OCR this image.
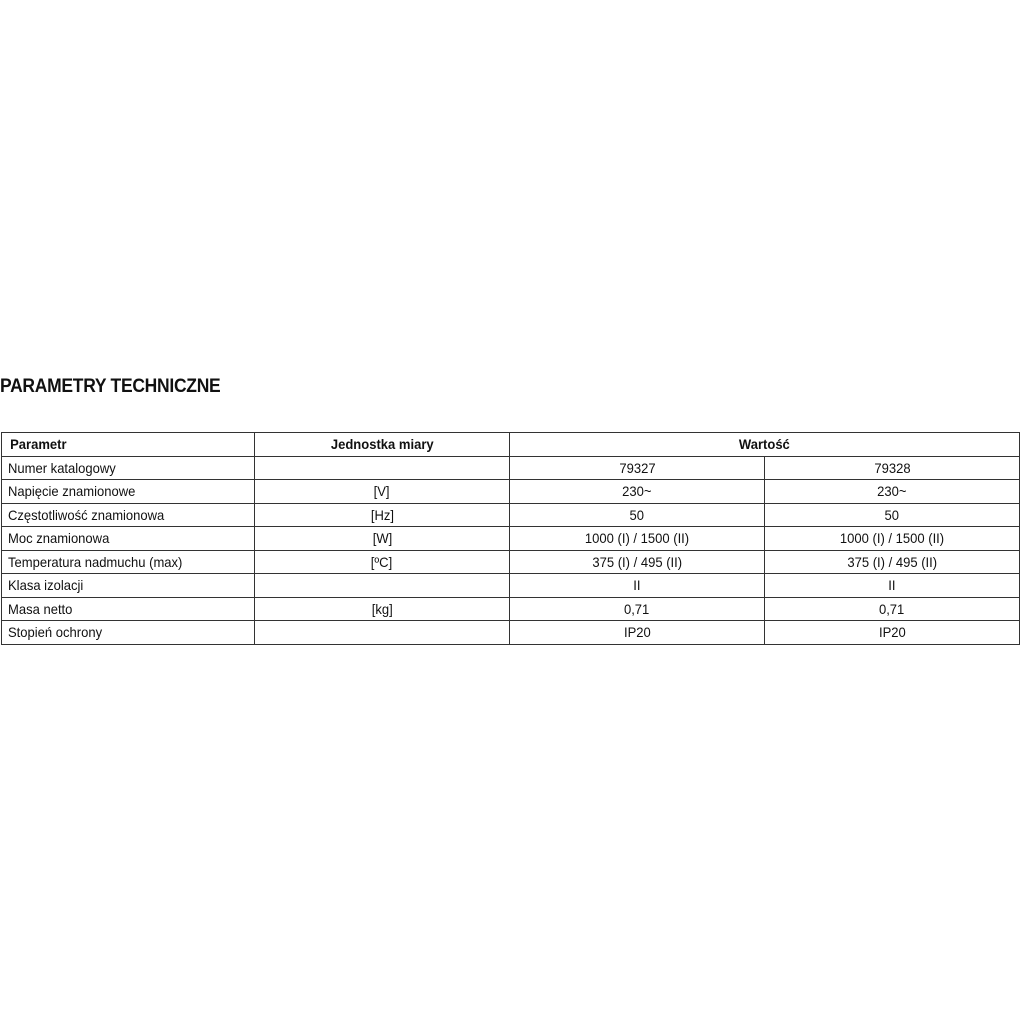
PARAMETRY TECHNICZNE
Parametr	Jednostka miary	Wartość	
Numer katalogowy		79327	79328
Napięcie znamionowe	[V]	230~	230~
Częstotliwość znamionowa	[Hz]	50	50
Moc znamionowa	[W]	1000 (I) / 1500 (II)	1000 (I) / 1500 (II)
Temperatura nadmuchu (max)	[ºC]	375 (I) / 495 (II)	375 (I) / 495 (II)
Klasa izolacji		II	II
Masa netto	[kg]	0,71	0,71
Stopień ochrony		IP20	IP20
